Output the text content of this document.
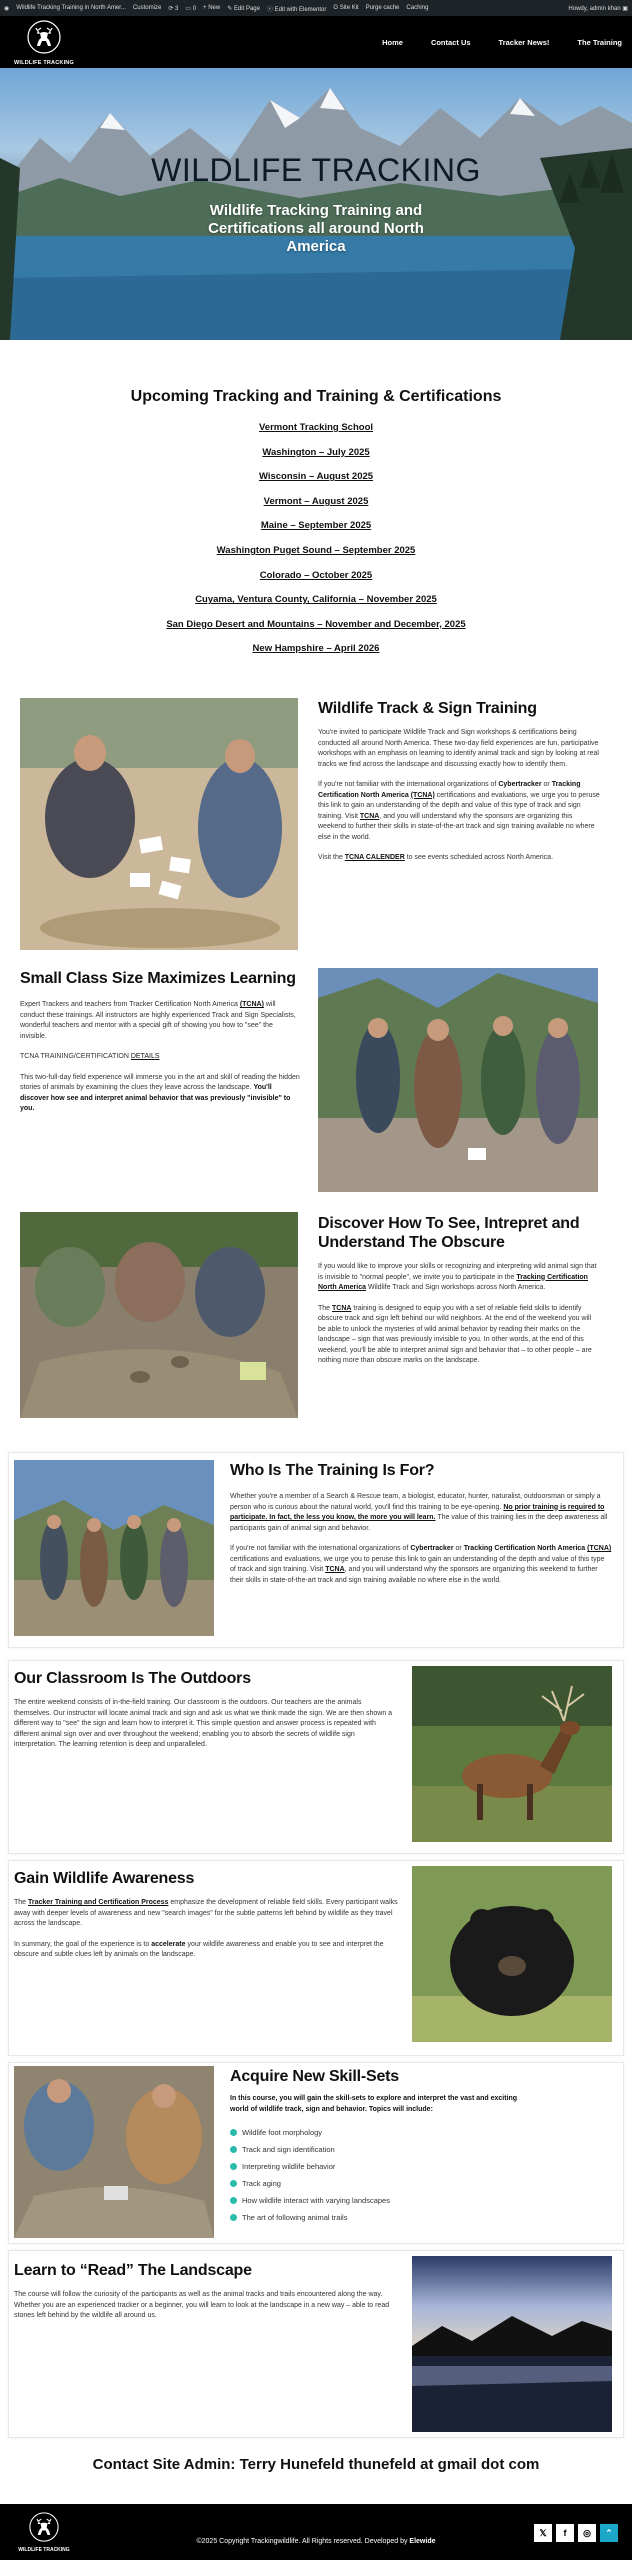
◉ Wildlife Tracking Training in North Amer... Customize ⟳ 3 ▭ 0 + New ✎ Edit Page ⓔ Edit with Elementor G Site Kit Purge cache Caching	Howdy, admin khan ▣
WILDLIFE TRACKING
Home	Contact Us	Tracker News!	The Training
WILDLIFE TRACKING
Wildlife Tracking Training and Certifications all around North America
Upcoming Tracking and Training & Certifications
Vermont Tracking School
Washington – July 2025
Wisconsin – August 2025
Vermont – August 2025
Maine – September 2025
Washington Puget Sound – September 2025
Colorado – October 2025
Cuyama, Ventura County, California – November 2025
San Diego Desert and Mountains – November and December, 2025
New Hampshire – April 2026
Wildlife Track & Sign Training

You're invited to participate Wildlife Track and Sign workshops & certifications being conducted all around North America. These two-day field experiences are fun, participative workshops with an emphasis on learning to identify animal track and sign by looking at real tracks we find across the landscape and discussing exactly how to identify them.

If you're not familiar with the international organizations of Cybertracker or Tracking Certification North America (TCNA) certifications and evaluations, we urge you to peruse this link to gain an understanding of the depth and value of this type of track and sign training. Visit TCNA, and you will understand why the sponsors are organizing this weekend to further their skills in state-of-the-art track and sign training available no where else in the world.

Visit the TCNA CALENDER to see events scheduled across North America.

Small Class Size Maximizes Learning

Expert Trackers and teachers from Tracker Certification North America (TCNA) will conduct these trainings. All instructors are highly experienced Track and Sign Specialists, wonderful teachers and mentor with a special gift of showing you how to "see" the invisible.

TCNA TRAINING/CERTIFICATION DETAILS

This two-full-day field experience will immerse you in the art and skill of reading the hidden stories of animals by examining the clues they leave across the landscape. You'll discover how see and interpret animal behavior that was previously "invisible" to you.

Discover How To See, Intrepret and Understand The Obscure

If you would like to improve your skills or recognizing and interpreting wild animal sign that is invisible to "normal people", we invite you to participate in the Tracking Certification North America Wildlife Track and Sign workshops across North America.

The TCNA training is designed to equip you with a set of reliable field skills to identify obscure track and sign left behind our wild neighbors. At the end of the weekend you will be able to unlock the mysteries of wild animal behavior by reading their marks on the landscape – sign that was previously invisible to you. In other words, at the end of this weekend, you'll be able to interpret animal sign and behavior that – to other people – are nothing more than obscure marks on the landscape.

Who Is The Training Is For?

Whether you're a member of a Search & Rescue team, a biologist, educator, hunter, naturalist, outdoorsman or simply a person who is curious about the natural world, you'll find this training to be eye-opening. No prior training is required to participate. In fact, the less you know, the more you will learn. The value of this training lies in the deep awareness all participants gain of animal sign and behavior.

If you're not familiar with the international organizations of Cybertracker or Tracking Certification North America (TCNA) certifications and evaluations, we urge you to peruse this link to gain an understanding of the depth and value of this type of track and sign training. Visit TCNA, and you will understand why the sponsors are organizing this weekend to further their skills in state-of-the-art track and sign training available no where else in the world.

Our Classroom Is The Outdoors
The entire weekend consists of in-the-field training. Our classroom is the outdoors. Our teachers are the animals themselves. Our instructor will locate animal track and sign and ask us what we think made the sign. We are then shown a different way to "see" the sign and learn how to interpret it. This simple question and answer process is repeated with different animal sign over and over throughout the weekend; enabling you to absorb the secrets of wildlife sign interpretation. The learning retention is deep and unparalleled.
Gain Wildlife Awareness

The Tracker Training and Certification Process emphasize the development of reliable field skills. Every participant walks away with deeper levels of awareness and new "search images" for the subtle patterns left behind by wildlife as they travel across the landscape.

In summary, the goal of the experience is to accelerate your wildlife awareness and enable you to see and interpret the obscure and subtle clues left by animals on the landscape.

Acquire New Skill-Sets
In this course, you will gain the skill-sets to explore and interpret the vast and exciting world of wildlife track, sign and behavior. Topics will include:
Wildlife foot morphology
Track and sign identification
Interpreting wildlife behavior
Track aging
How wildlife interact with varying landscapes
The art of following animal trails
Learn to “Read” The Landscape
The course will follow the curiosity of the participants as well as the animal tracks and trails encountered along the way. Whether you are an experienced tracker or a beginner, you will learn to look at the landscape in a new way – able to read stones left behind by the wildlife all around us.
Contact Site Admin: Terry Hunefeld thunefeld at gmail dot com
WILDLIFE TRACKING
©2025 Copyright Trackingwildlife. All Rights reserved. Developed by Elewide
𝕏	f	◎	⌃
